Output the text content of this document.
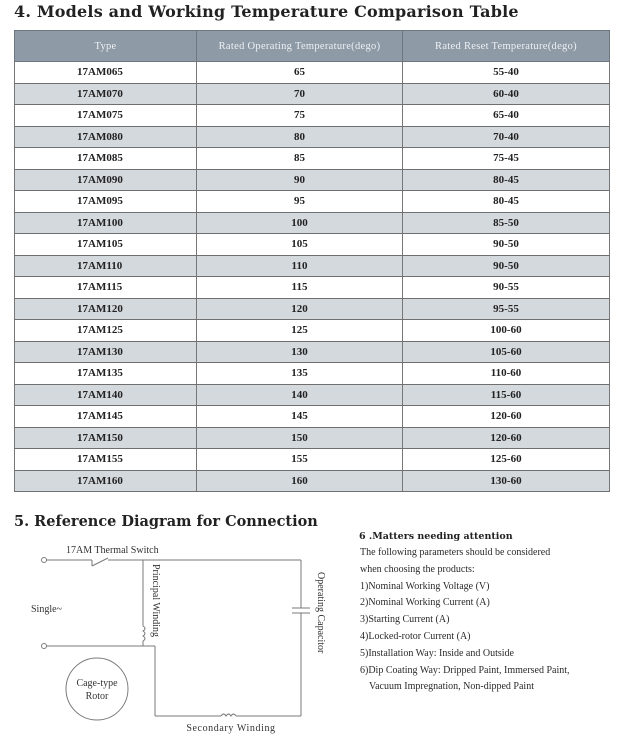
4. Models and Working Temperature Comparison Table
Type	Rated Operating Temperature(dego)	Rated Reset Temperature(dego)
17AM065	65	55-40
17AM070	70	60-40
17AM075	75	65-40
17AM080	80	70-40
17AM085	85	75-45
17AM090	90	80-45
17AM095	95	80-45
17AM100	100	85-50
17AM105	105	90-50
17AM110	110	90-50
17AM115	115	90-55
17AM120	120	95-55
17AM125	125	100-60
17AM130	130	105-60
17AM135	135	110-60
17AM140	140	115-60
17AM145	145	120-60
17AM150	150	120-60
17AM155	155	125-60
17AM160	160	130-60
5. Reference Diagram for Connection
17AM Thermal Switch
Single~	Principal Winding	Operating Capacitor
Cage-type
Rotor
Secondary Winding
6 .Matters needing attention
The following parameters should be considered
when choosing the products:
1)Nominal Working Voltage (V)
2)Nominal Working Current (A)
3)Starting Current (A)
4)Locked-rotor Current (A)
5)Installation Way: Inside and Outside
6)Dip Coating Way: Dripped Paint, Immersed Paint,
Vacuum Impregnation, Non-dipped Paint
